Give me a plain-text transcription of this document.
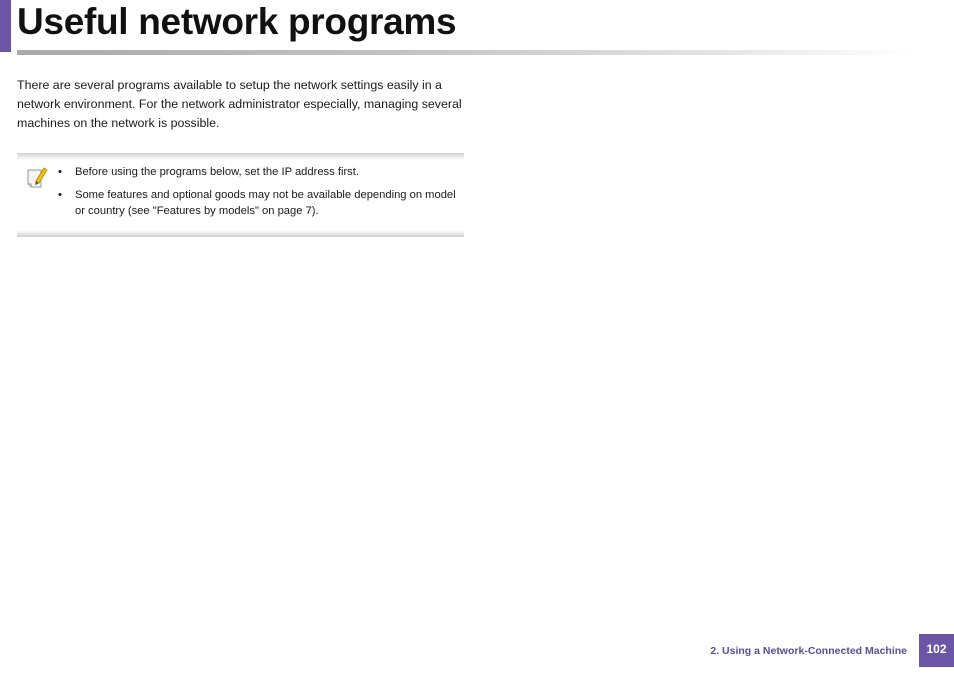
Useful network programs

There are several programs available to setup the network settings easily in a network environment. For the network administrator especially, managing several machines on the network is possible.

• Before using the programs below, set the IP address first.
• Some features and optional goods may not be available depending on model or country (see "Features by models" on page 7).
2. Using a Network-Connected Machine	102
